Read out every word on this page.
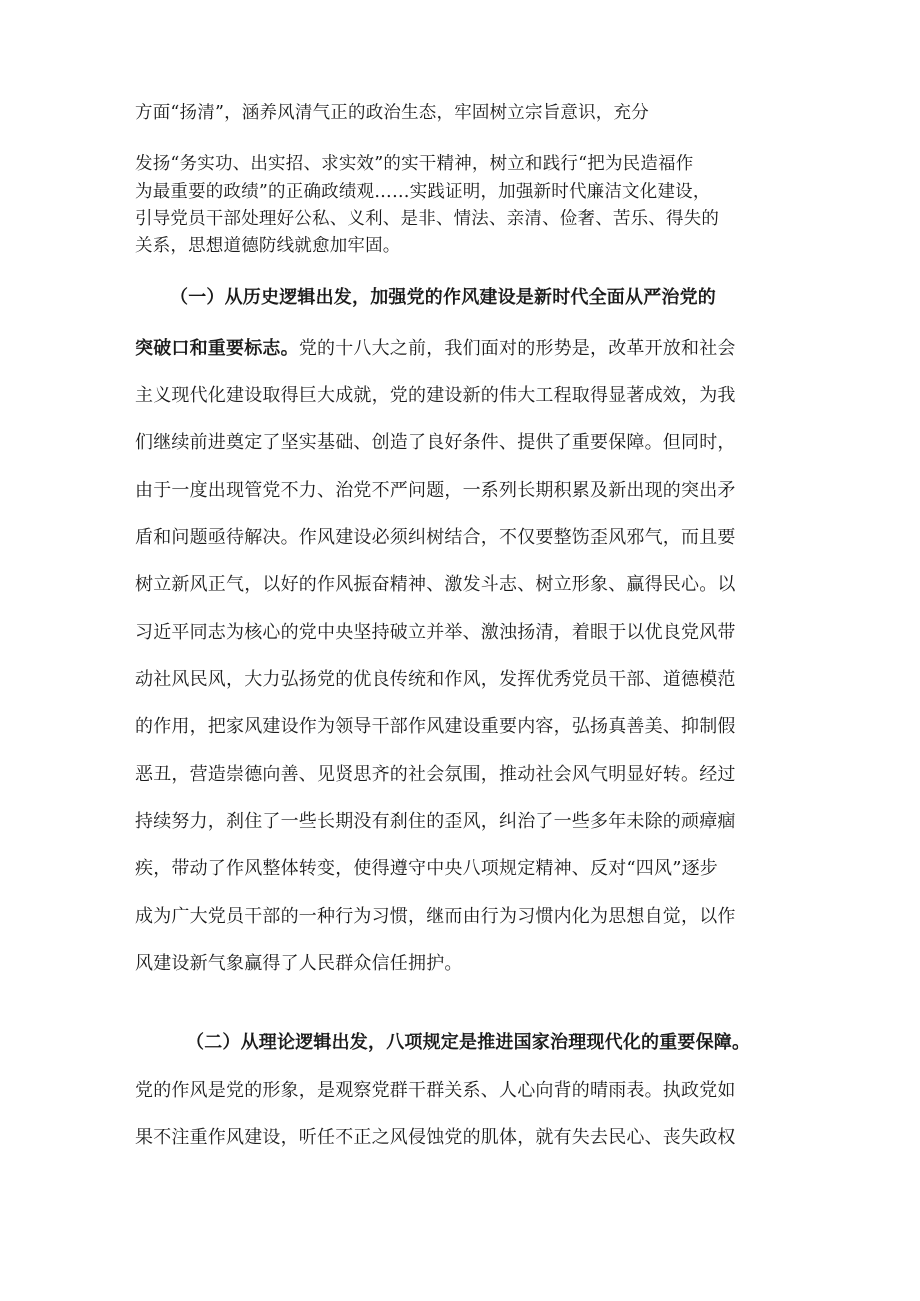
方面“扬清”，涵养风清气正的政治生态，牢固树立宗旨意识，充分

发扬“务实功、出实招、求实效”的实干精神，树立和践行“把为民造福作

为最重要的政绩”的正确政绩观……实践证明，加强新时代廉洁文化建设，

引导党员干部处理好公私、义利、是非、情法、亲清、俭奢、苦乐、得失的

关系，思想道德防线就愈加牢固。

（一）从历史逻辑出发，加强党的作风建设是新时代全面从严治党的

突破口和重要标志。党的十八大之前，我们面对的形势是，改革开放和社会

主义现代化建设取得巨大成就，党的建设新的伟大工程取得显著成效，为我

们继续前进奠定了坚实基础、创造了良好条件、提供了重要保障。但同时，

由于一度出现管党不力、治党不严问题，一系列长期积累及新出现的突出矛

盾和问题亟待解决。作风建设必须纠树结合，不仅要整饬歪风邪气，而且要

树立新风正气，以好的作风振奋精神、激发斗志、树立形象、赢得民心。以

习近平同志为核心的党中央坚持破立并举、激浊扬清，着眼于以优良党风带

动社风民风，大力弘扬党的优良传统和作风，发挥优秀党员干部、道德模范

的作用，把家风建设作为领导干部作风建设重要内容，弘扬真善美、抑制假

恶丑，营造崇德向善、见贤思齐的社会氛围，推动社会风气明显好转。经过

持续努力，刹住了一些长期没有刹住的歪风，纠治了一些多年未除的顽瘴痼

疾，带动了作风整体转变，使得遵守中央八项规定精神、反对“四风”逐步

成为广大党员干部的一种行为习惯，继而由行为习惯内化为思想自觉，以作

风建设新气象赢得了人民群众信任拥护。

（二）从理论逻辑出发，八项规定是推进国家治理现代化的重要保障。

党的作风是党的形象，是观察党群干群关系、人心向背的晴雨表。执政党如

果不注重作风建设，听任不正之风侵蚀党的肌体，就有失去民心、丧失政权
